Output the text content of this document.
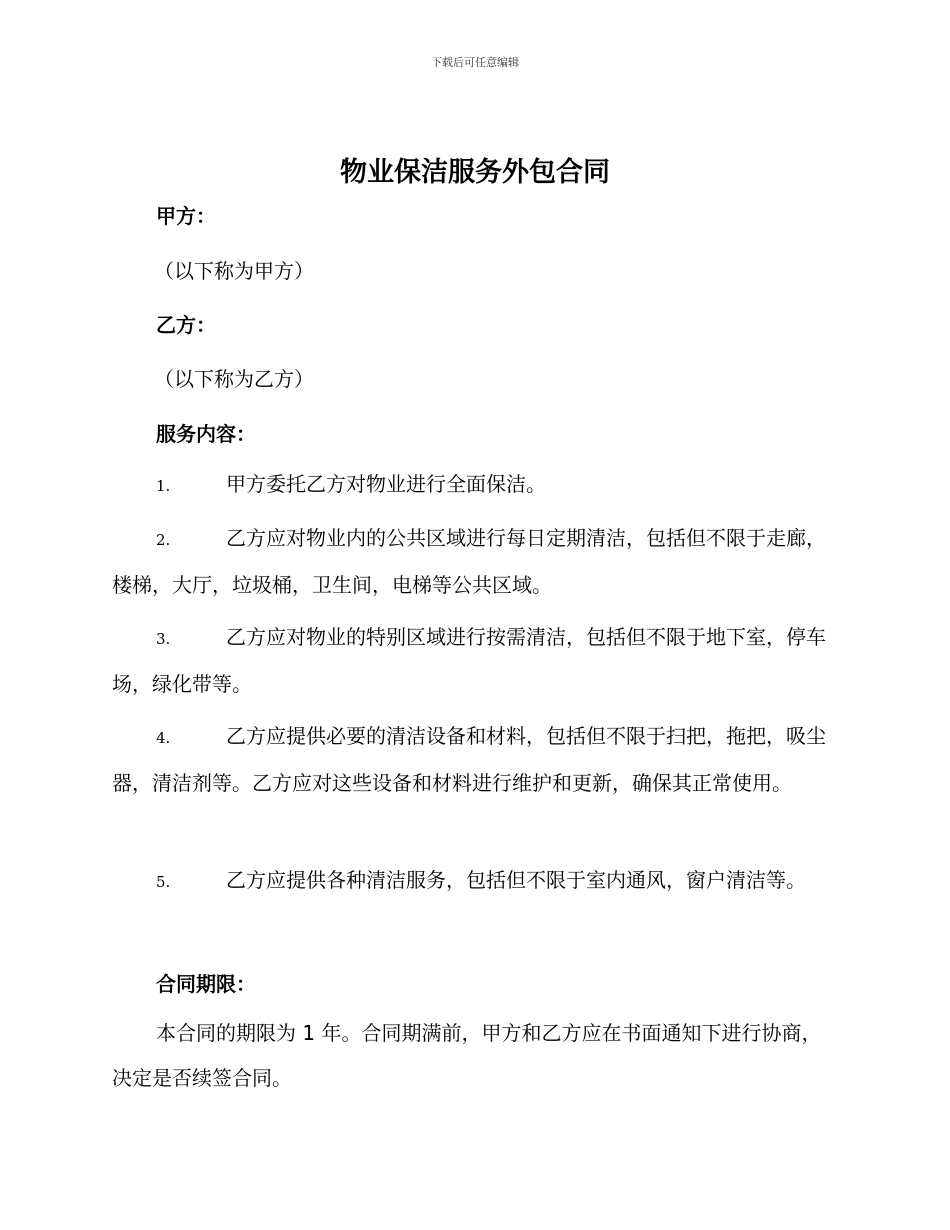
下载后可任意编辑
物业保洁服务外包合同
甲方：
（以下称为甲方）
乙方：
（以下称为乙方）
服务内容：
1.	甲方委托乙方对物业进行全面保洁。
2.	乙方应对物业内的公共区域进行每日定期清洁，包括但不限于走廊，楼梯，大厅，垃圾桶，卫生间，电梯等公共区域。
3.	乙方应对物业的特别区域进行按需清洁，包括但不限于地下室，停车场，绿化带等。
4.	乙方应提供必要的清洁设备和材料，包括但不限于扫把，拖把，吸尘器，清洁剂等。乙方应对这些设备和材料进行维护和更新，确保其正常使用。
5.	乙方应提供各种清洁服务，包括但不限于室内通风，窗户清洁等。
合同期限：
本合同的期限为 1 年。合同期满前，甲方和乙方应在书面通知下进行协商，决定是否续签合同。
